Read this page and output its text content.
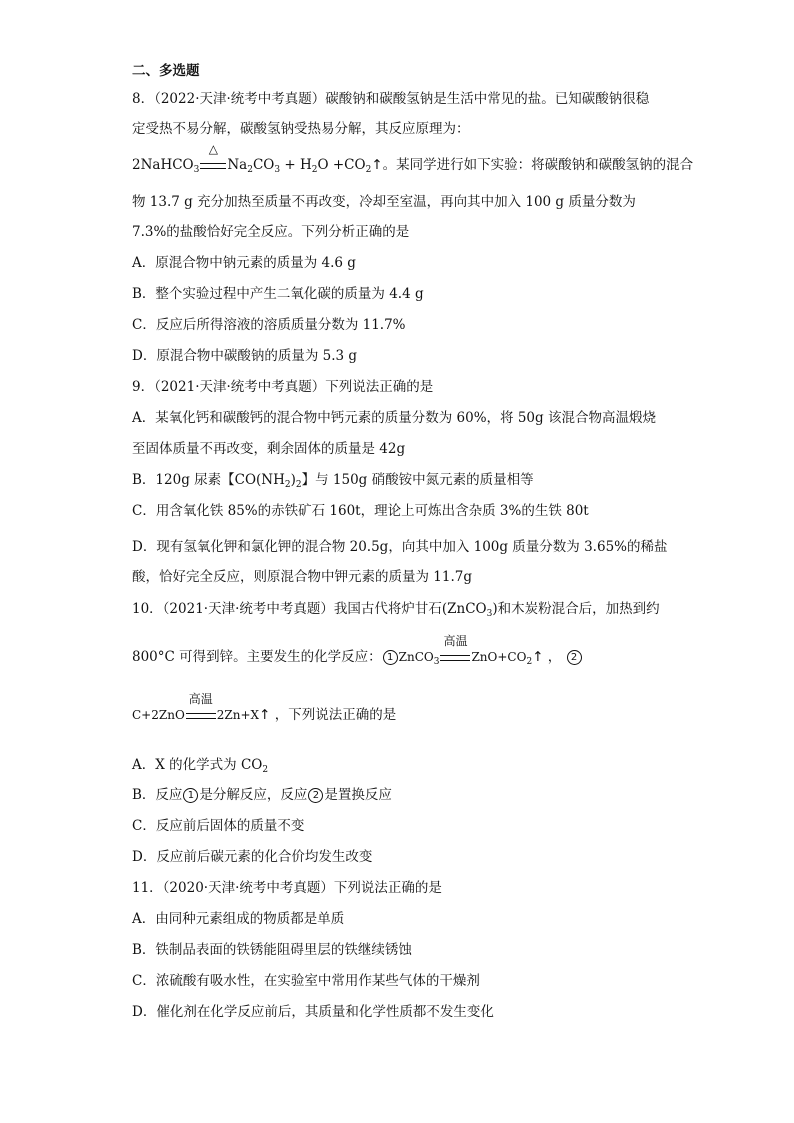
二、多选题
8．（2022·天津·统考中考真题）碳酸钠和碳酸氢钠是生活中常见的盐。已知碳酸钠很稳
定受热不易分解，碳酸氢钠受热易分解，其反应原理为：
2NaHCO$_3$
△
$Na_2CO_3 + H_2O$ $+CO_2↑$。某同学进行如下实验：将碳酸钠和碳酸氢钠的混合
物 13.7 g 充分加热至质量不再改变，冷却至室温，再向其中加入 100 g 质量分数为
7.3%的盐酸恰好完全反应。下列分析正确的是
A．原混合物中钠元素的质量为 4.6 g
B．整个实验过程中产生二氧化碳的质量为 4.4 g
C．反应后所得溶液的溶质质量分数为 11.7%
D．原混合物中碳酸钠的质量为 5.3 g
9．（2021·天津·统考中考真题）下列说法正确的是
A．某氧化钙和碳酸钙的混合物中钙元素的质量分数为 60%，将 50g 该混合物高温煅烧
至固体质量不再改变，剩余固体的质量是 42g
B．120g 尿素【$CO(NH_2)_2$】与 150g 硝酸铵中氮元素的质量相等
C．用含氧化铁 85%的赤铁矿石 160t，理论上可炼出含杂质 3%的生铁 80t
D．现有氢氧化钾和氯化钾的混合物 20.5g，向其中加入 100g 质量分数为 3.65%的稀盐
酸，恰好完全反应，则原混合物中钾元素的质量为 11.7g
10．（2021·天津·统考中考真题）我国古代将炉甘石(ZnCO$_3$)和木炭粉混合后，加热到约
800°C 可得到锌。主要发生的化学反应： 1 ZnCO$_3$
高温
$ZnO+CO_2↑$ ， 2
C+2ZnO
高温
2Zn+X↑ ，下列说法正确的是
A．X 的化学式为 $CO_2$
B．反应 1 是分解反应，反应 2 是置换反应
C．反应前后固体的质量不变
D．反应前后碳元素的化合价均发生改变
11．（2020·天津·统考中考真题）下列说法正确的是
A．由同种元素组成的物质都是单质
B．铁制品表面的铁锈能阻碍里层的铁继续锈蚀
C．浓硫酸有吸水性，在实验室中常用作某些气体的干燥剂
D．催化剂在化学反应前后，其质量和化学性质都不发生变化
